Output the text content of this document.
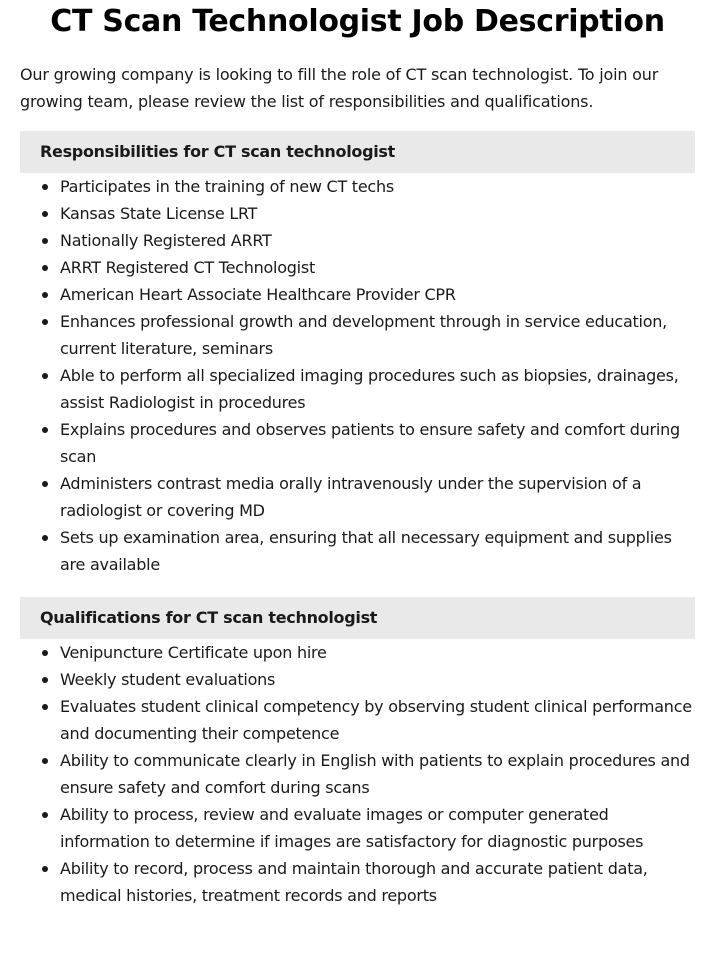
CT Scan Technologist Job Description

Our growing company is looking to fill the role of CT scan technologist. To join our growing team, please review the list of responsibilities and qualifications.

Responsibilities for CT scan technologist
Participates in the training of new CT techs
Kansas State License LRT
Nationally Registered ARRT
ARRT Registered CT Technologist
American Heart Associate Healthcare Provider CPR
Enhances professional growth and development through in service education, current literature, seminars
Able to perform all specialized imaging procedures such as biopsies, drainages, assist Radiologist in procedures
Explains procedures and observes patients to ensure safety and comfort during scan
Administers contrast media orally intravenously under the supervision of a radiologist or covering MD
Sets up examination area, ensuring that all necessary equipment and supplies are available
Qualifications for CT scan technologist
Venipuncture Certificate upon hire
Weekly student evaluations
Evaluates student clinical competency by observing student clinical performance and documenting their competence
Ability to communicate clearly in English with patients to explain procedures and ensure safety and comfort during scans
Ability to process, review and evaluate images or computer generated information to determine if images are satisfactory for diagnostic purposes
Ability to record, process and maintain thorough and accurate patient data, medical histories, treatment records and reports
